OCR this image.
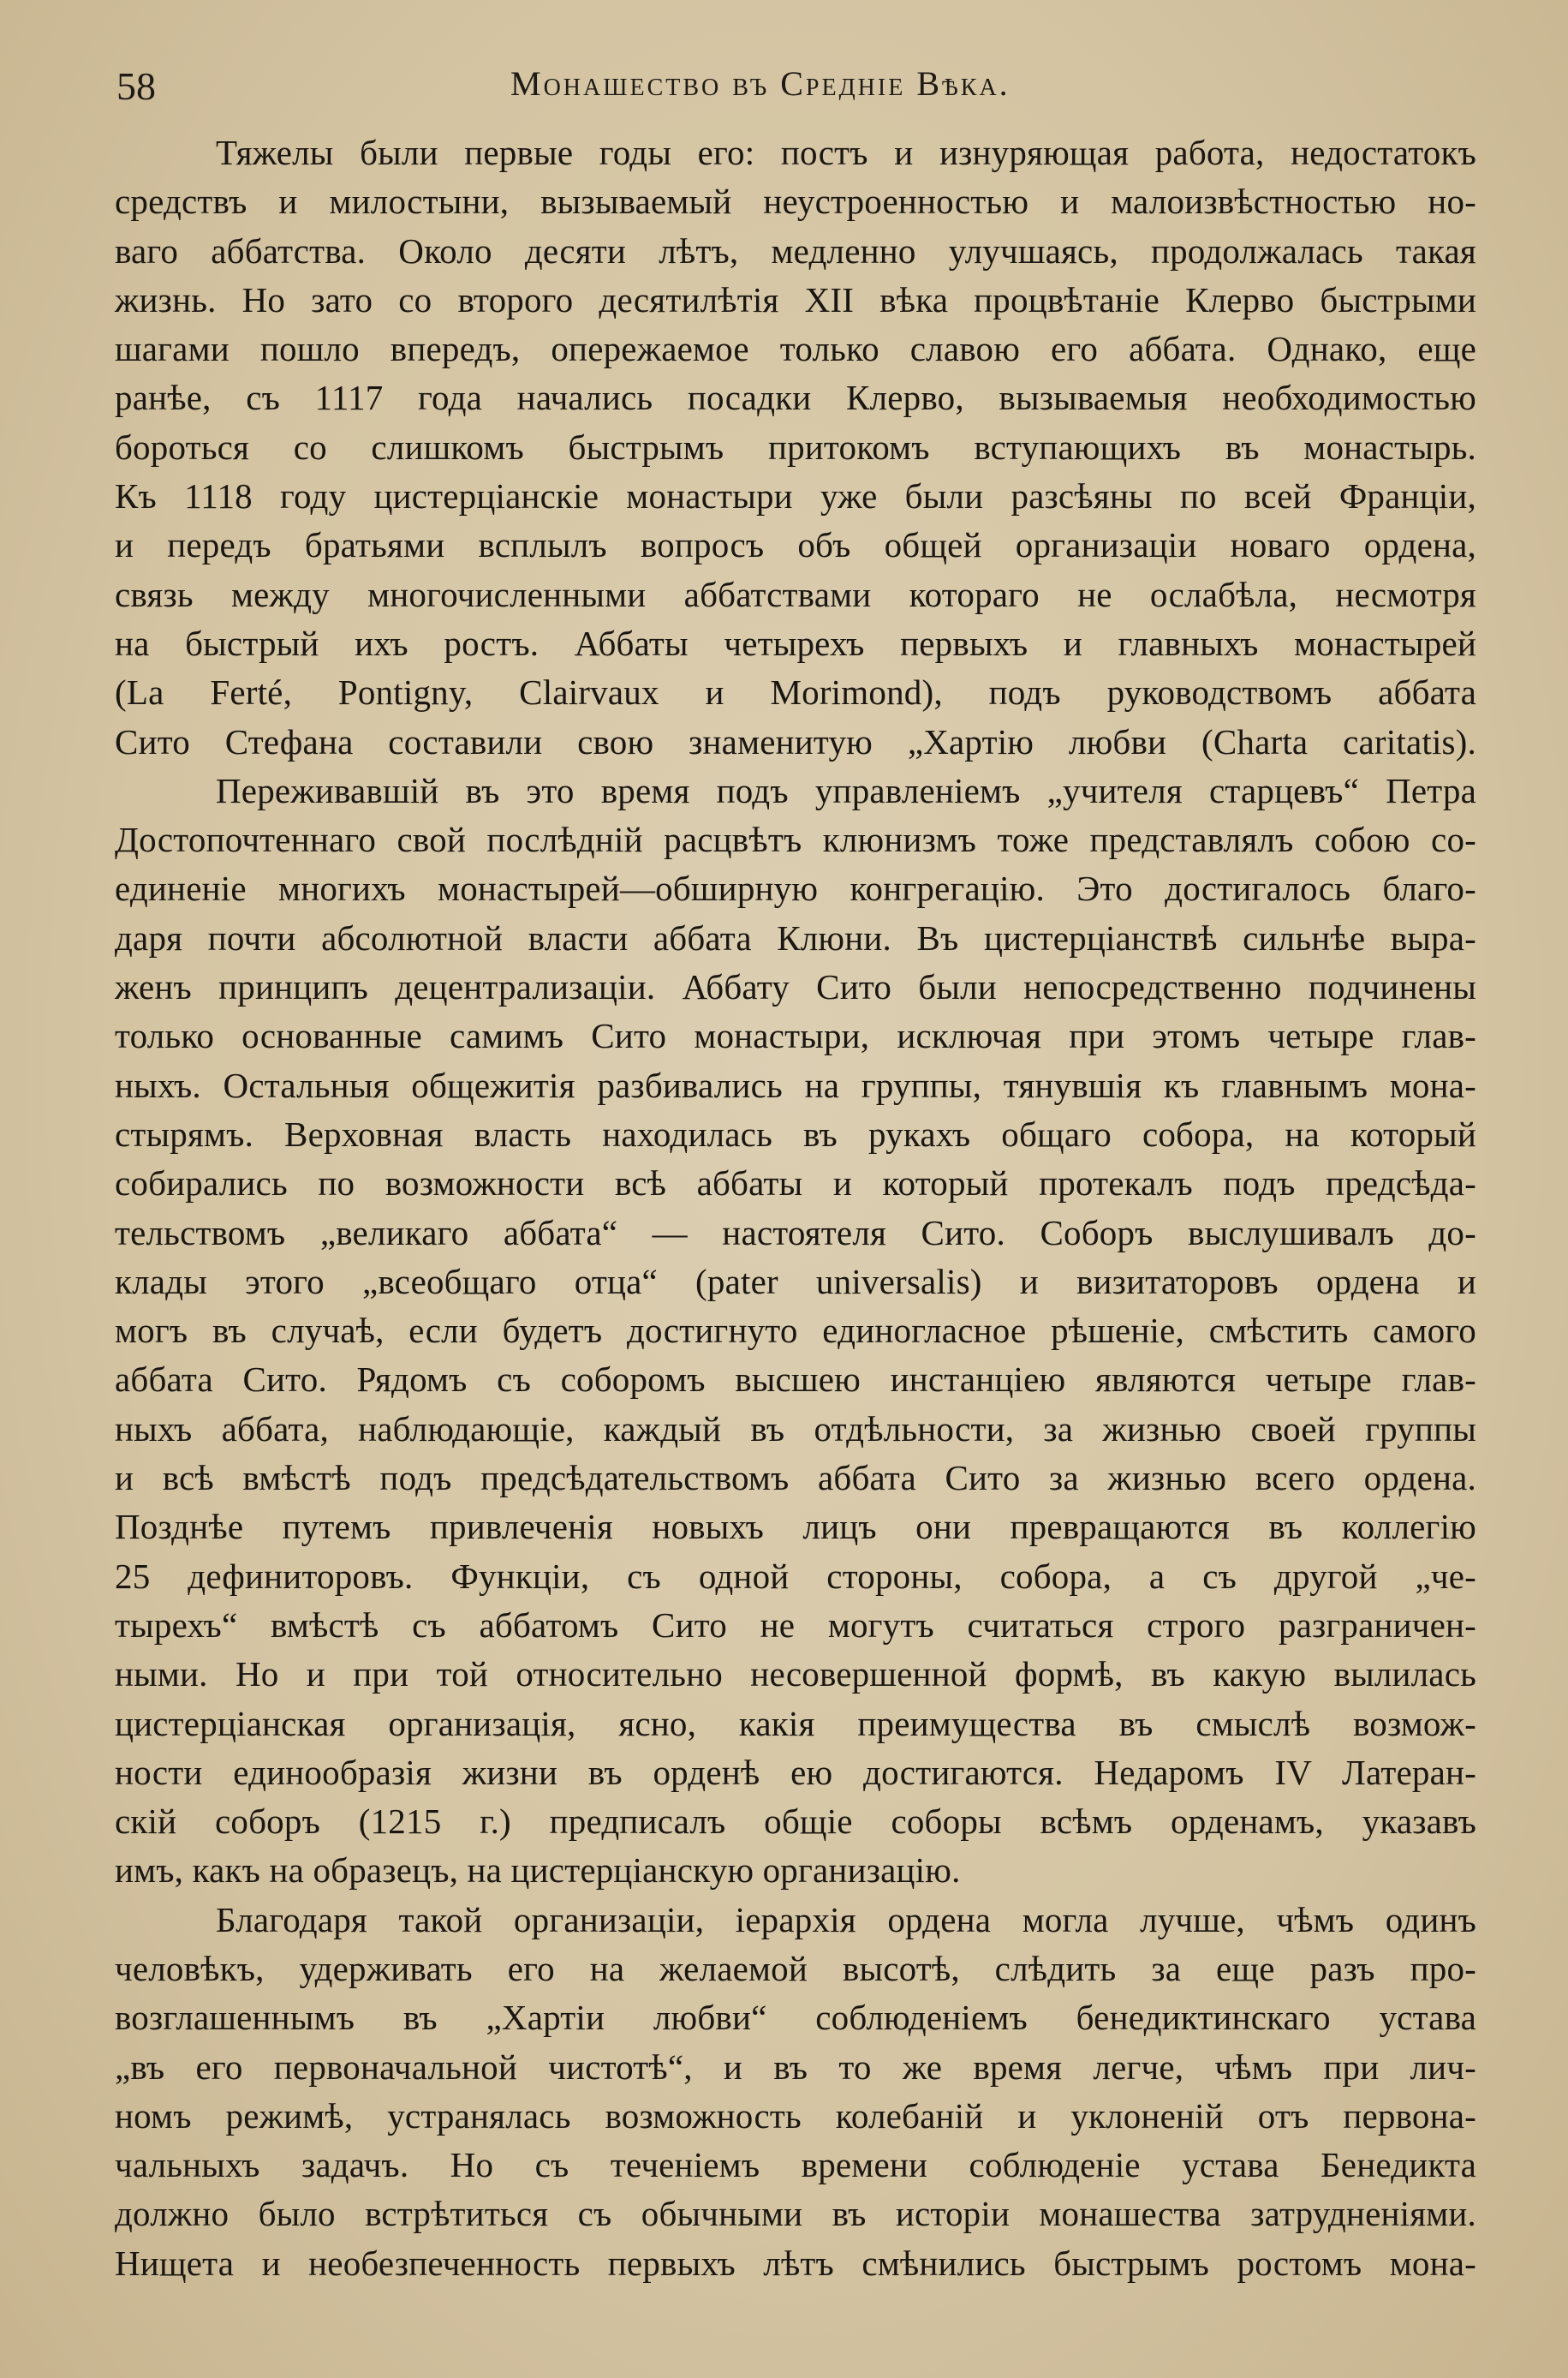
58	Монашество въ Средніе Вѣка.
Тяжелы были первые годы его: постъ и изнуряющая работа, недостатокъ
средствъ и милостыни, вызываемый неустроенностью и малоизвѣстностью но-
ваго аббатства. Около десяти лѣтъ, медленно улучшаясь, продолжалась такая
жизнь. Но зато со второго десятилѣтія XII вѣка процвѣтаніе Клерво быстрыми
шагами пошло впередъ, опережаемое только славою его аббата. Однако, еще
ранѣе, съ 1117 года начались посадки Клерво, вызываемыя необходимостью
бороться со слишкомъ быстрымъ притокомъ вступающихъ въ монастырь.
Къ 1118 году цистерціанскіе монастыри уже были разсѣяны по всей Франціи,
и передъ братьями всплылъ вопросъ объ общей организаціи новаго ордена,
связь между многочисленными аббатствами котораго не ослабѣла, несмотря
на быстрый ихъ ростъ. Аббаты четырехъ первыхъ и главныхъ монастырей
(La Ferté, Pontigny, Clairvaux и Morimond), подъ руководствомъ аббата
Сито Стефана составили свою знаменитую „Хартію любви (Charta caritatis).
Переживавшій въ это время подъ управленіемъ „учителя старцевъ“ Петра
Достопочтеннаго свой послѣдній расцвѣтъ клюнизмъ тоже представлялъ собою со-
единеніе многихъ монастырей—обширную конгрегацію. Это достигалось благо-
даря почти абсолютной власти аббата Клюни. Въ цистерціанствѣ сильнѣе выра-
женъ принципъ децентрализаціи. Аббату Сито были непосредственно подчинены
только основанные самимъ Сито монастыри, исключая при этомъ четыре глав-
ныхъ. Остальныя общежитія разбивались на группы, тянувшія къ главнымъ мона-
стырямъ. Верховная власть находилась въ рукахъ общаго собора, на который
собирались по возможности всѣ аббаты и который протекалъ подъ предсѣда-
тельствомъ „великаго аббата“ — настоятеля Сито. Соборъ выслушивалъ до-
клады этого „всеобщаго отца“ (pater universalis) и визитаторовъ ордена и
могъ въ случаѣ, если будетъ достигнуто единогласное рѣшеніе, смѣстить самого
аббата Сито. Рядомъ съ соборомъ высшею инстанціею являются четыре глав-
ныхъ аббата, наблюдающіе, каждый въ отдѣльности, за жизнью своей группы
и всѣ вмѣстѣ подъ предсѣдательствомъ аббата Сито за жизнью всего ордена.
Позднѣе путемъ привлеченія новыхъ лицъ они превращаются въ коллегію
25 дефиниторовъ. Функціи, съ одной стороны, собора, а съ другой „че-
тырехъ“ вмѣстѣ съ аббатомъ Сито не могутъ считаться строго разграничен-
ными. Но и при той относительно несовершенной формѣ, въ какую вылилась
цистерціанская организація, ясно, какія преимущества въ смыслѣ возмож-
ности единообразія жизни въ орденѣ ею достигаются. Недаромъ IV Латеран-
скій соборъ (1215 г.) предписалъ общіе соборы всѣмъ орденамъ, указавъ
имъ, какъ на образецъ, на цистерціанскую организацію.
Благодаря такой организаціи, іерархія ордена могла лучше, чѣмъ одинъ
человѣкъ, удерживать его на желаемой высотѣ, слѣдить за еще разъ про-
возглашеннымъ въ „Хартіи любви“ соблюденіемъ бенедиктинскаго устава
„въ его первоначальной чистотѣ“, и въ то же время легче, чѣмъ при лич-
номъ режимѣ, устранялась возможность колебаній и уклоненій отъ первона-
чальныхъ задачъ. Но съ теченіемъ времени соблюденіе устава Бенедикта
должно было встрѣтиться съ обычными въ исторіи монашества затрудненіями.
Нищета и необезпеченность первыхъ лѣтъ смѣнились быстрымъ ростомъ мона-
